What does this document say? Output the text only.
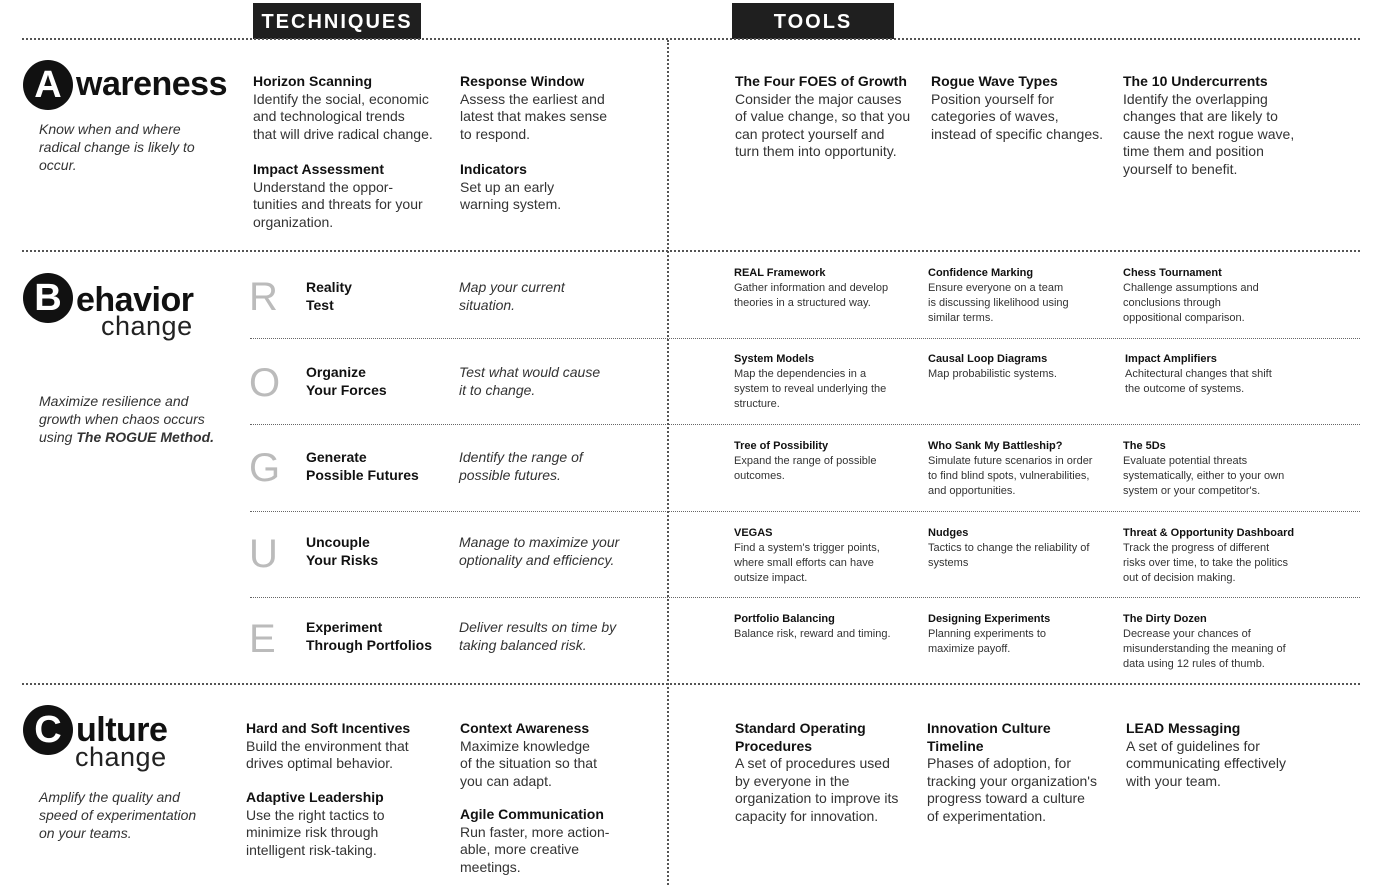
TECHNIQUES	TOOLS
A wareness
Know when and where radical change is likely to occur.
Horizon Scanning
Identify the social, economic
and technological trends
that will drive radical change.
Response Window
Assess the earliest and
latest that makes sense
to respond.
Impact Assessment
Understand the oppor-
tunities and threats for your
organization.
Indicators
Set up an early
warning system.
The Four FOES of Growth
Consider the major causes
of value change, so that you
can protect yourself and
turn them into opportunity.
Rogue Wave Types
Position yourself for
categories of waves,
instead of specific changes.
The 10 Undercurrents
Identify the overlapping
changes that are likely to
cause the next rogue wave,
time them and position
yourself to benefit.
B ehavior
change
Maximize resilience and growth when chaos occurs using The ROGUE Method.
R Reality
Test
Map your current
situation.
REAL Framework
Gather information and develop
theories in a structured way.
Confidence Marking
Ensure everyone on a team
is discussing likelihood using
similar terms.
Chess Tournament
Challenge assumptions and
conclusions through
oppositional comparison.
O Organize
Your Forces
Test what would cause
it to change.
System Models
Map the dependencies in a
system to reveal underlying the
structure.
Causal Loop Diagrams
Map probabilistic systems.
Impact Amplifiers
Achitectural changes that shift
the outcome of systems.
G Generate
Possible Futures
Identify the range of
possible futures.
Tree of Possibility
Expand the range of possible
outcomes.
Who Sank My Battleship?
Simulate future scenarios in order
to find blind spots, vulnerabilities,
and opportunities.
The 5Ds
Evaluate potential threats
systematically, either to your own
system or your competitor's.
U Uncouple
Your Risks
Manage to maximize your
optionality and efficiency.
VEGAS
Find a system's trigger points,
where small efforts can have
outsize impact.
Nudges
Tactics to change the reliability of
systems
Threat & Opportunity Dashboard
Track the progress of different
risks over time, to take the politics
out of decision making.
E Experiment
Through Portfolios
Deliver results on time by
taking balanced risk.
Portfolio Balancing
Balance risk, reward and timing.
Designing Experiments
Planning experiments to
maximize payoff.
The Dirty Dozen
Decrease your chances of
misunderstanding the meaning of
data using 12 rules of thumb.
C ulture
change
Amplify the quality and speed of experimentation on your teams.
Hard and Soft Incentives
Build the environment that
drives optimal behavior.
Context Awareness
Maximize knowledge
of the situation so that
you can adapt.
Adaptive Leadership
Use the right tactics to
minimize risk through
intelligent risk-taking.
Agile Communication
Run faster, more action-
able, more creative
meetings.
Standard Operating
Procedures
A set of procedures used
by everyone in the
organization to improve its
capacity for innovation.
Innovation Culture
Timeline
Phases of adoption, for
tracking your organization's
progress toward a culture
of experimentation.
LEAD Messaging
A set of guidelines for
communicating effectively
with your team.
